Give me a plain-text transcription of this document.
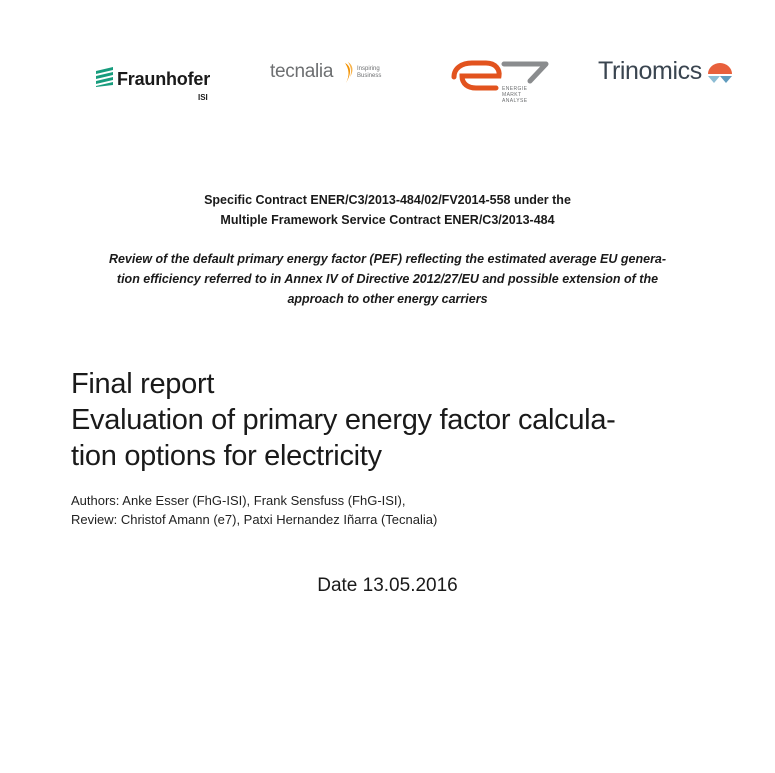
Fraunhofer
ISI
tecnalia	Inspiring
Business
ENERGIE
MARKT
ANALYSE
Trinomics
Specific Contract ENER/C3/2013-484/02/FV2014-558 under the
Multiple Framework Service Contract ENER/C3/2013-484
Review of the default primary energy factor (PEF) reflecting the estimated average EU genera-
tion efficiency referred to in Annex IV of Directive 2012/27/EU and possible extension of the
approach to other energy carriers
Final report
Evaluation of primary energy factor calcula-
tion options for electricity
Authors: Anke Esser (FhG-ISI), Frank Sensfuss (FhG-ISI),
Review: Christof Amann (e7), Patxi Hernandez Iñarra (Tecnalia)
Date 13.05.2016
